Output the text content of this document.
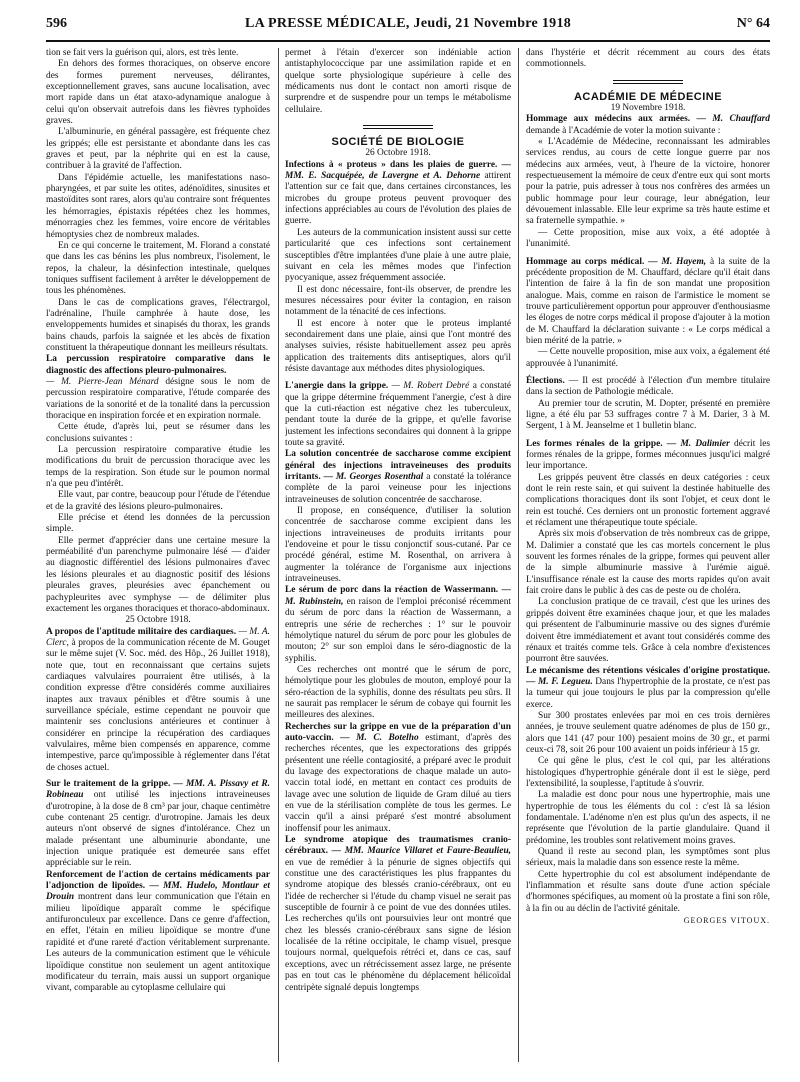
596	LA PRESSE MÉDICALE, Jeudi, 21 Novembre 1918	N° 64

tion se fait vers la guérison qui, alors, est très lente.

En dehors des formes thoraciques, on observe encore des formes purement nerveuses, délirantes, exceptionnellement graves, sans aucune localisation, avec mort rapide dans un état ataxo-adynamique analogue à celui qu'on observait autrefois dans les fièvres typhoïdes graves.

L'albuminurie, en général passagère, est fréquente chez les grippés; elle est persistante et abondante dans les cas graves et peut, par la néphrite qui en est la cause, contribuer à la gravité de l'affection.

Dans l'épidémie actuelle, les manifestations naso-pharyngées, et par suite les otites, adénoïdites, sinusites et mastoïdites sont rares, alors qu'au contraire sont fréquentes les hémorragies, épistaxis répétées chez les hommes, ménorragies chez les femmes, voire encore de véritables hémoptysies chez de nombreux malades.

En ce qui concerne le traitement, M. Florand a constaté que dans les cas bénins les plus nombreux, l'isolement, le repos, la chaleur, la désinfection intestinale, quelques toniques suffisent facilement à arrêter le développement de tous les phénomènes.

Dans le cas de complications graves, l'électrargol, l'adrénaline, l'huile camphrée à haute dose, les enveloppements humides et sinapisés du thorax, les grands bains chauds, parfois la saignée et les abcès de fixation constituent la thérapeutique donnant les meilleurs résultats.

La percussion respiratoire comparative dans le diagnostic des affections pleuro-pulmonaires.

— M. Pierre-Jean Ménard désigne sous le nom de percussion respiratoire comparative, l'étude comparée des variations de la sonorité et de la tonalité dans la percussion thoracique en inspiration forcée et en expiration normale.

Cette étude, d'après lui, peut se résumer dans les conclusions suivantes :

La percussion respiratoire comparative étudie les modifications du bruit de percussion thoracique avec les temps de la respiration. Son étude sur le poumon normal n'a que peu d'intérêt.

Elle vaut, par contre, beaucoup pour l'étude de l'étendue et de la gravité des lésions pleuro-pulmonaires.

Elle précise et étend les données de la percussion simple.

Elle permet d'apprécier dans une certaine mesure la perméabilité d'un parenchyme pulmonaire lésé — d'aider au diagnostic différentiel des lésions pulmonaires d'avec les lésions pleurales et au diagnostic positif des lésions pleurales graves, pleurésies avec épanchement ou pachypleurites avec symphyse — de délimiter plus exactement les organes thoraciques et thoraco-abdominaux.

25 Octobre 1918.

A propos de l'aptitude militaire des cardiaques. — M. A. Clerc, à propos de la communication récente de M. Gouget sur le même sujet (V. Soc. méd. des Hôp., 26 Juillet 1918), note que, tout en reconnaissant que certains sujets cardiaques valvulaires pourraient être utilisés, à la condition expresse d'être considérés comme auxiliaires inaptes aux travaux pénibles et d'être soumis à une surveillance spéciale, estime cependant ne pouvoir que maintenir ses conclusions antérieures et continuer à considérer en principe la récupération des cardiaques valvulaires, même bien compensés en apparence, comme intempestive, parce qu'impossible à réglementer dans l'état de choses actuel.

Sur le traitement de la grippe. — MM. A. Pissavy et R. Robineau ont utilisé les injections intraveineuses d'urotropine, à la dose de 8 cm³ par jour, chaque centimètre cube contenant 25 centigr. d'urotropine. Jamais les deux auteurs n'ont observé de signes d'intolérance. Chez un malade présentant une albuminurie abondante, une injection unique pratiquée est demeurée sans effet appréciable sur le rein.

Renforcement de l'action de certains médicaments par l'adjonction de lipoïdes. — MM. Hudelo, Montlaur et Drouin montrent dans leur communication que l'étain en milieu lipoïdique apparaît comme le spécifique antifuronculeux par excellence. Dans ce genre d'affection, en effet, l'étain en milieu lipoïdique se montre d'une rapidité et d'une rareté d'action véritablement surprenante. Les auteurs de la communication estiment que le véhicule lipoïdique constitue non seulement un agent antitoxique modificateur du terrain, mais aussi un support organique vivant, comparable au cytoplasme cellulaire qui

permet à l'étain d'exercer son indéniable action antistaphylococcique par une assimilation rapide et en quelque sorte physiologique supérieure à celle des médicaments nus dont le contact non amorti risque de surprendre et de suspendre pour un temps le métabolisme cellulaire.

SOCIÉTÉ DE BIOLOGIE

26 Octobre 1918.

Infections à « proteus » dans les plaies de guerre. — MM. E. Sacquépée, de Lavergne et A. Dehorne attirent l'attention sur ce fait que, dans certaines circonstances, les microbes du groupe proteus peuvent provoquer des infections appréciables au cours de l'évolution des plaies de guerre.

Les auteurs de la communication insistent aussi sur cette particularité que ces infections sont certainement susceptibles d'être implantées d'une plaie à une autre plaie, suivant en cela les mêmes modes que l'infection pyocyanique, assez fréquemment associée.

Il est donc nécessaire, font-ils observer, de prendre les mesures nécessaires pour éviter la contagion, en raison notamment de la ténacité de ces infections.

Il est encore à noter que le proteus implanté secondairement dans une plaie, ainsi que l'ont montré des analyses suivies, résiste habituellement assez peu après application des traitements dits antiseptiques, alors qu'il résiste davantage aux méthodes dites physiologiques.

L'anergie dans la grippe. — M. Robert Debré a constaté que la grippe détermine fréquemment l'anergie, c'est à dire que la cuti-réaction est négative chez les tuberculeux, pendant toute la durée de la grippe, et qu'elle favorise justement les infections secondaires qui donnent à la grippe toute sa gravité.

La solution concentrée de saccharose comme excipient général des injections intraveineuses des produits irritants. — M. Georges Rosenthal a constaté la tolérance complète de la paroi veineuse pour les injections intraveineuses de solution concentrée de saccharose.

Il propose, en conséquence, d'utiliser la solution concentrée de saccharose comme excipient dans les injections intraveineuses de produits irritants pour l'endoveine et pour le tissu conjonctif sous-cutané. Par ce procédé général, estime M. Rosenthal, on arrivera à augmenter la tolérance de l'organisme aux injections intraveineuses.

Le sérum de porc dans la réaction de Wassermann. — M. Rubinstein, en raison de l'emploi préconisé récemment du sérum de porc dans la réaction de Wassermann, a entrepris une série de recherches : 1° sur le pouvoir hémolytique naturel du sérum de porc pour les globules de mouton; 2° sur son emploi dans le séro-diagnostic de la syphilis.

Ces recherches ont montré que le sérum de porc, hémolytique pour les globules de mouton, employé pour la séro-réaction de la syphilis, donne des résultats peu sûrs. Il ne saurait pas remplacer le sérum de cobaye qui fournit les meilleures des alexines.

Recherches sur la grippe en vue de la préparation d'un auto-vaccin. — M. C. Botelho estimant, d'après des recherches récentes, que les expectorations des grippés présentent une réelle contagiosité, a préparé avec le produit du lavage des expectorations de chaque malade un auto-vaccin total iodé, en mettant en contact ces produits de lavage avec une solution de liquide de Gram dilué au tiers en vue de la stérilisation complète de tous les germes. Le vaccin qu'il a ainsi préparé s'est montré absolument inoffensif pour les animaux.

Le syndrome atopique des traumatismes cranio-cérébraux. — MM. Maurice Villaret et Faure-Beaulieu, en vue de remédier à la pénurie de signes objectifs qui constitue une des caractéristiques les plus frappantes du syndrome atopique des blessés cranio-cérébraux, ont eu l'idée de rechercher si l'étude du champ visuel ne serait pas susceptible de fournir à ce point de vue des données utiles. Les recherches qu'ils ont poursuivies leur ont montré que chez les blessés cranio-cérébraux sans signe de lésion localisée de la rétine occipitale, le champ visuel, presque toujours normal, quelquefois rétréci et, dans ce cas, sauf exceptions, avec un rétrécissement assez large, ne présente pas en tout cas le phénomène du déplacement hélicoïdal centripète signalé depuis longtemps

dans l'hystérie et décrit récemment au cours des états commotionnels.

ACADÉMIE DE MÉDECINE

19 Novembre 1918.

Hommage aux médecins aux armées. — M. Chauffard demande à l'Académie de voter la motion suivante :

« L'Académie de Médecine, reconnaissant les admirables services rendus, au cours de cette longue guerre par nos médecins aux armées, veut, à l'heure de la victoire, honorer respectueusement la mémoire de ceux d'entre eux qui sont morts pour la patrie, puis adresser à tous nos confrères des armées un public hommage pour leur courage, leur abnégation, leur dévouement inlassable. Elle leur exprime sa très haute estime et sa fraternelle sympathie. »

— Cette proposition, mise aux voix, a été adoptée à l'unanimité.

Hommage au corps médical. — M. Hayem, à la suite de la précédente proposition de M. Chauffard, déclare qu'il était dans l'intention de faire à la fin de son mandat une proposition analogue. Mais, comme en raison de l'armistice le moment se trouve particulièrement opportun pour approuver d'enthousiasme les éloges de notre corps médical il propose d'ajouter à la motion de M. Chauffard la déclaration suivante : « Le corps médical a bien mérité de la patrie. »

— Cette nouvelle proposition, mise aux voix, a également été approuvée à l'unanimité.

Élections. — Il est procédé à l'élection d'un membre titulaire dans la section de Pathologie médicale.

Au premier tour de scrutin, M. Dopter, présenté en première ligne, a été élu par 53 suffrages contre 7 à M. Darier, 3 à M. Sergent, 1 à M. Jeanselme et 1 bulletin blanc.

Les formes rénales de la grippe. — M. Dalimier décrit les formes rénales de la grippe, formes méconnues jusqu'ici malgré leur importance.

Les grippés peuvent être classés en deux catégories : ceux dont le rein reste sain, et qui suivent la destinée habituelle des complications thoraciques dont ils sont l'objet, et ceux dont le rein est touché. Ces derniers ont un pronostic fortement aggravé et réclament une thérapeutique toute spéciale.

Après six mois d'observation de très nombreux cas de grippe, M. Dalimier a constaté que les cas mortels concernent le plus souvent les formes rénales de la grippe, formes qui peuvent aller de la simple albuminurie massive à l'urémie aiguë. L'insuffisance rénale est la cause des morts rapides qu'on avait fait croire dans le public à des cas de peste ou de choléra.

La conclusion pratique de ce travail, c'est que les urines des grippés doivent être examinées chaque jour, et que les malades qui présentent de l'albuminurie massive ou des signes d'urémie doivent être immédiatement et avant tout considérés comme des rénaux et traités comme tels. Grâce à cela nombre d'existences pourront être sauvées.

Le mécanisme des rétentions vésicales d'origine prostatique. — M. F. Legueu. Dans l'hypertrophie de la prostate, ce n'est pas la tumeur qui joue toujours le plus par la compression qu'elle exerce.

Sur 300 prostates enlevées par moi en ces trois dernières années, je trouve seulement quatre adénomes de plus de 150 gr., alors que 141 (47 pour 100) pesaient moins de 30 gr., et parmi ceux-ci 78, soit 26 pour 100 avaient un poids inférieur à 15 gr.

Ce qui gêne le plus, c'est le col qui, par les altérations histologiques d'hypertrophie générale dont il est le siège, perd l'extensibilité, la souplesse, l'aptitude à s'ouvrir.

La maladie est donc pour nous une hypertrophie, mais une hypertrophie de tous les éléments du col : c'est là sa lésion fondamentale. L'adénome n'en est plus qu'un des aspects, il ne représente que l'évolution de la partie glandulaire. Quand il prédomine, les troubles sont relativement moins graves.

Quand il reste au second plan, les symptômes sont plus sérieux, mais la maladie dans son essence reste la même.

Cette hypertrophie du col est absolument indépendante de l'inflammation et résulte sans doute d'une action spéciale d'hormones spécifiques, au moment où la prostate a fini son rôle, à la fin ou au déclin de l'activité génitale.

GEORGES VITOUX.
